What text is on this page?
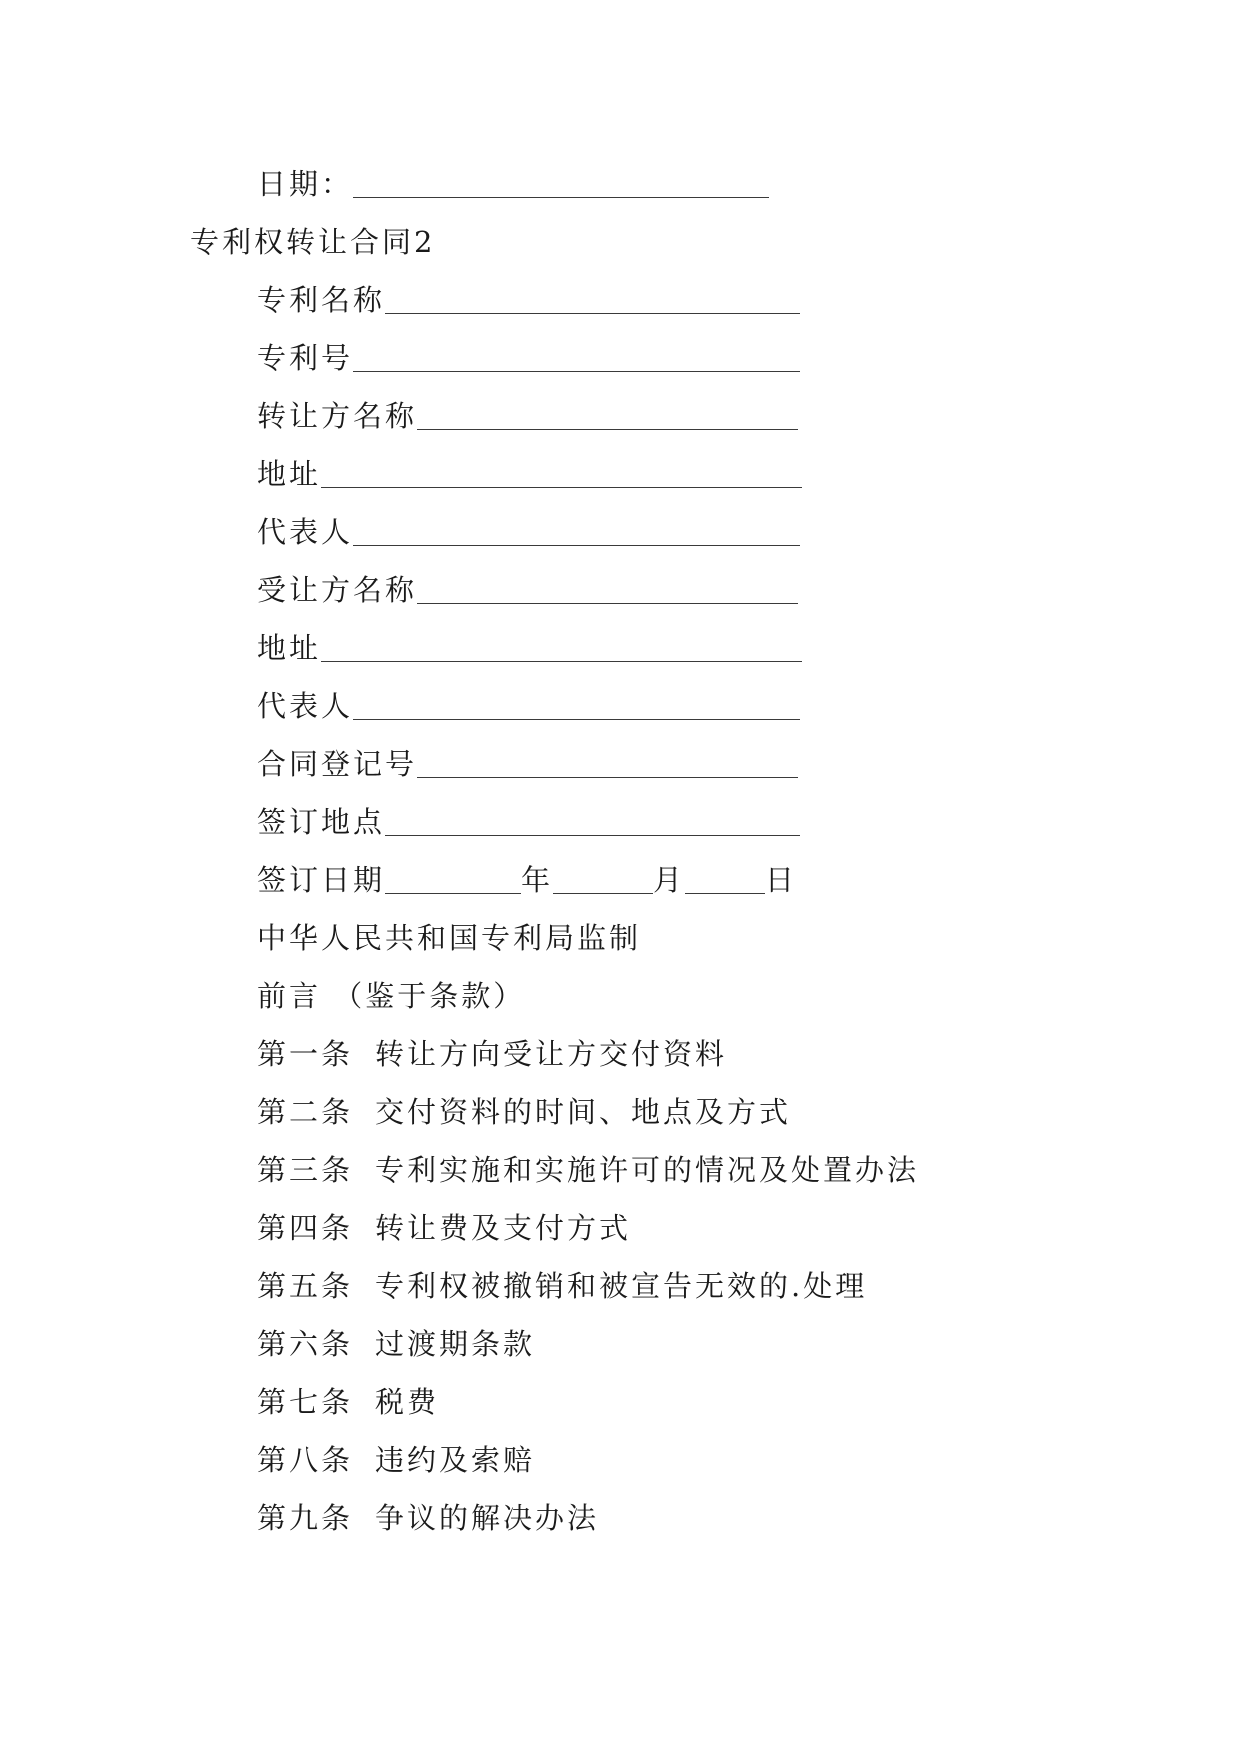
日期：
专利权转让合同2
专利名称
专利号
转让方名称
地址
代表人
受让方名称
地址
代表人
合同登记号
签订地点
签订日期	年	月	日
中华人民共和国专利局监制
前言 （鉴于条款）
第一条 转让方向受让方交付资料
第二条 交付资料的时间、地点及方式
第三条 专利实施和实施许可的情况及处置办法
第四条 转让费及支付方式
第五条 专利权被撤销和被宣告无效的.处理
第六条 过渡期条款
第七条 税费
第八条 违约及索赔
第九条 争议的解决办法
